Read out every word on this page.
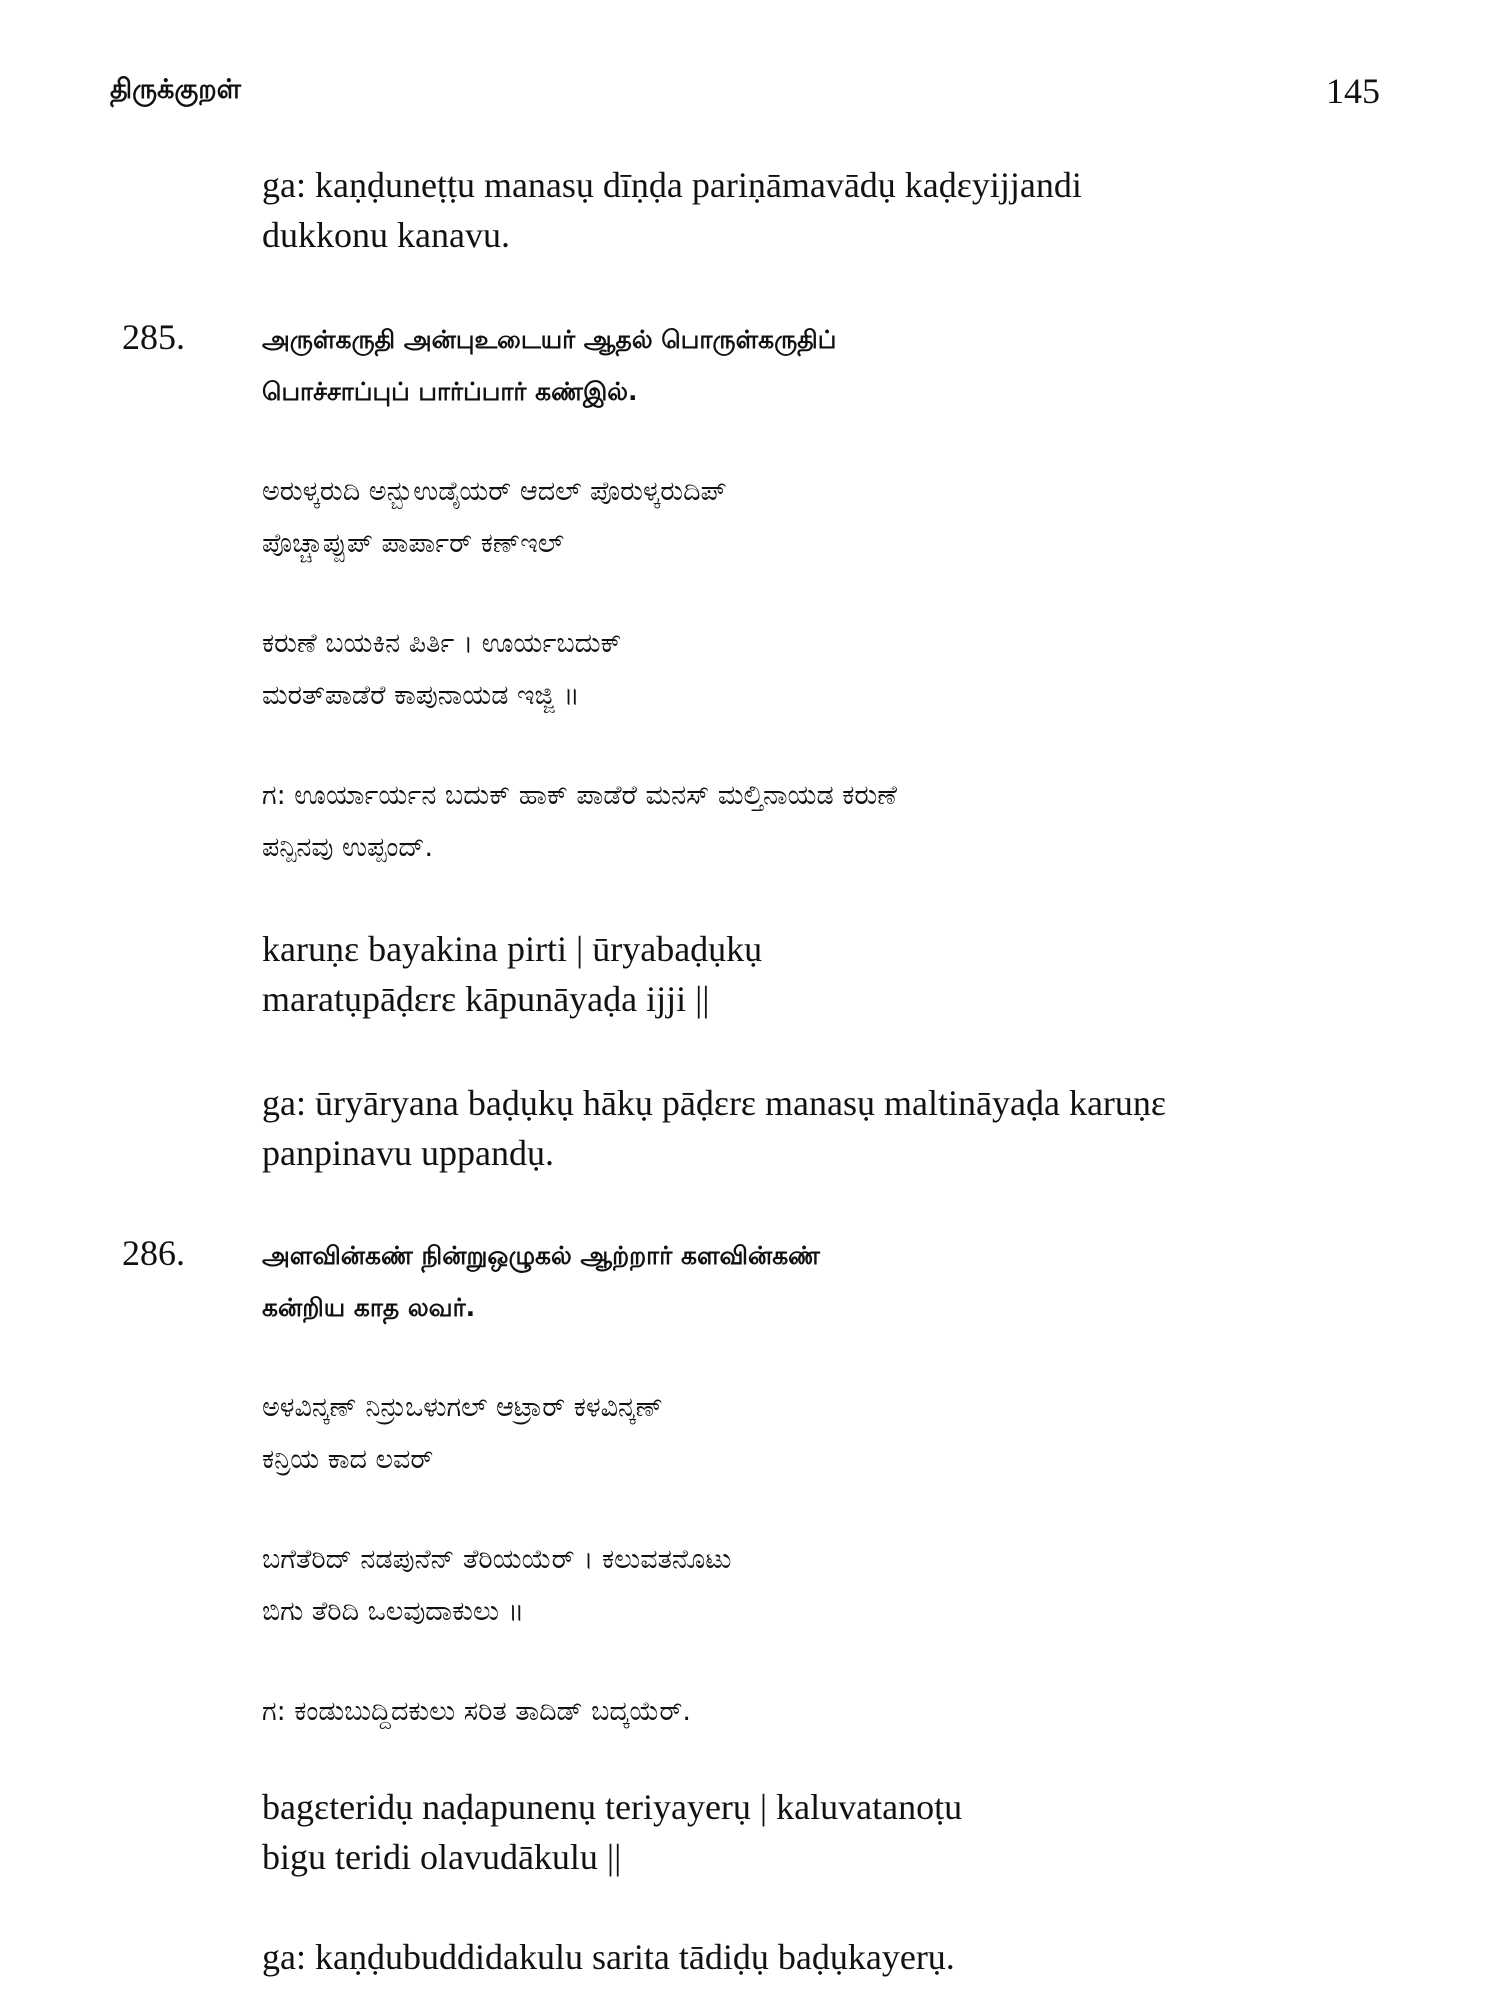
திருக்குறள்	145
ga: kaṇḍuneṭṭu manasụ dīṇḍa pariṇāmavādụ kaḍɛyijjandi
dukkonu kanavu.
285.	அருள்கருதி அன்புஉடையர் ஆதல் பொருள்கருதிப்
பொச்சாப்புப் பார்ப்பார் கண்இல்.
ಅರುಳ್ಕರುದಿ ಅನ್ಬುಉಡೈಯರ್ ಆದಲ್ ಪೊರುಳ್ಕರುದಿಪ್
ಪೊಚ್ಚಾಪ್ಪುಪ್ ಪಾರ್ಪಾರ್ ಕಣ್ಇಲ್
ಕರುಣೆ ಬಯಕಿನ ಪಿರ್ತಿ । ಊರ್ಯಬದುಕ್
ಮರತ್‌ಪಾಡೆರೆ ಕಾಪುನಾಯಡ ಇಜ್ಜಿ ॥
ಗ: ಊರ್ಯಾರ್ಯನ ಬದುಕ್ ಹಾಕ್ ಪಾಡೆರೆ ಮನಸ್ ಮಲ್ತಿನಾಯಡ ಕರುಣೆ
ಪನ್ಪಿನವು ಉಪ್ಪಂದ್.
karuṇɛ bayakina pirti | ūryabaḍụkụ
maratụpāḍɛrɛ kāpunāyaḍa ijji ||
ga: ūryāryana baḍụkụ hākụ pāḍɛrɛ manasụ maltināyaḍa karuṇɛ
panpinavu uppandụ.
286.	அளவின்கண் நின்றுஒழுகல் ஆற்றார் களவின்கண்
கன்றிய காத லவர்.
ಅಳವಿನ್ಕಣ್ ನಿನ್ರುಒಳುಗಲ್ ಆಟ್ರಾರ್ ಕಳವಿನ್ಕಣ್
ಕನ್ರಿಯ ಕಾದ ಲವರ್
ಬಗೆತೆರಿದ್ ನಡಪುನೆನ್ ತೆರಿಯಯೆರ್ । ಕಲುವತನೊಟು
ಬಿಗು ತೆರಿದಿ ಒಲವುದಾಕುಲು ॥
ಗ: ಕಂಡುಬುದ್ದಿದಕುಲು ಸರಿತ ತಾದಿಡ್ ಬದ್ಕಯೆರ್.
bagɛteridụ naḍapunenụ teriyayerụ | kaluvatanoṭu
bigu teridi olavudākulu ||
ga: kaṇḍubuddidakulu sarita tādiḍụ baḍụkayerụ.
